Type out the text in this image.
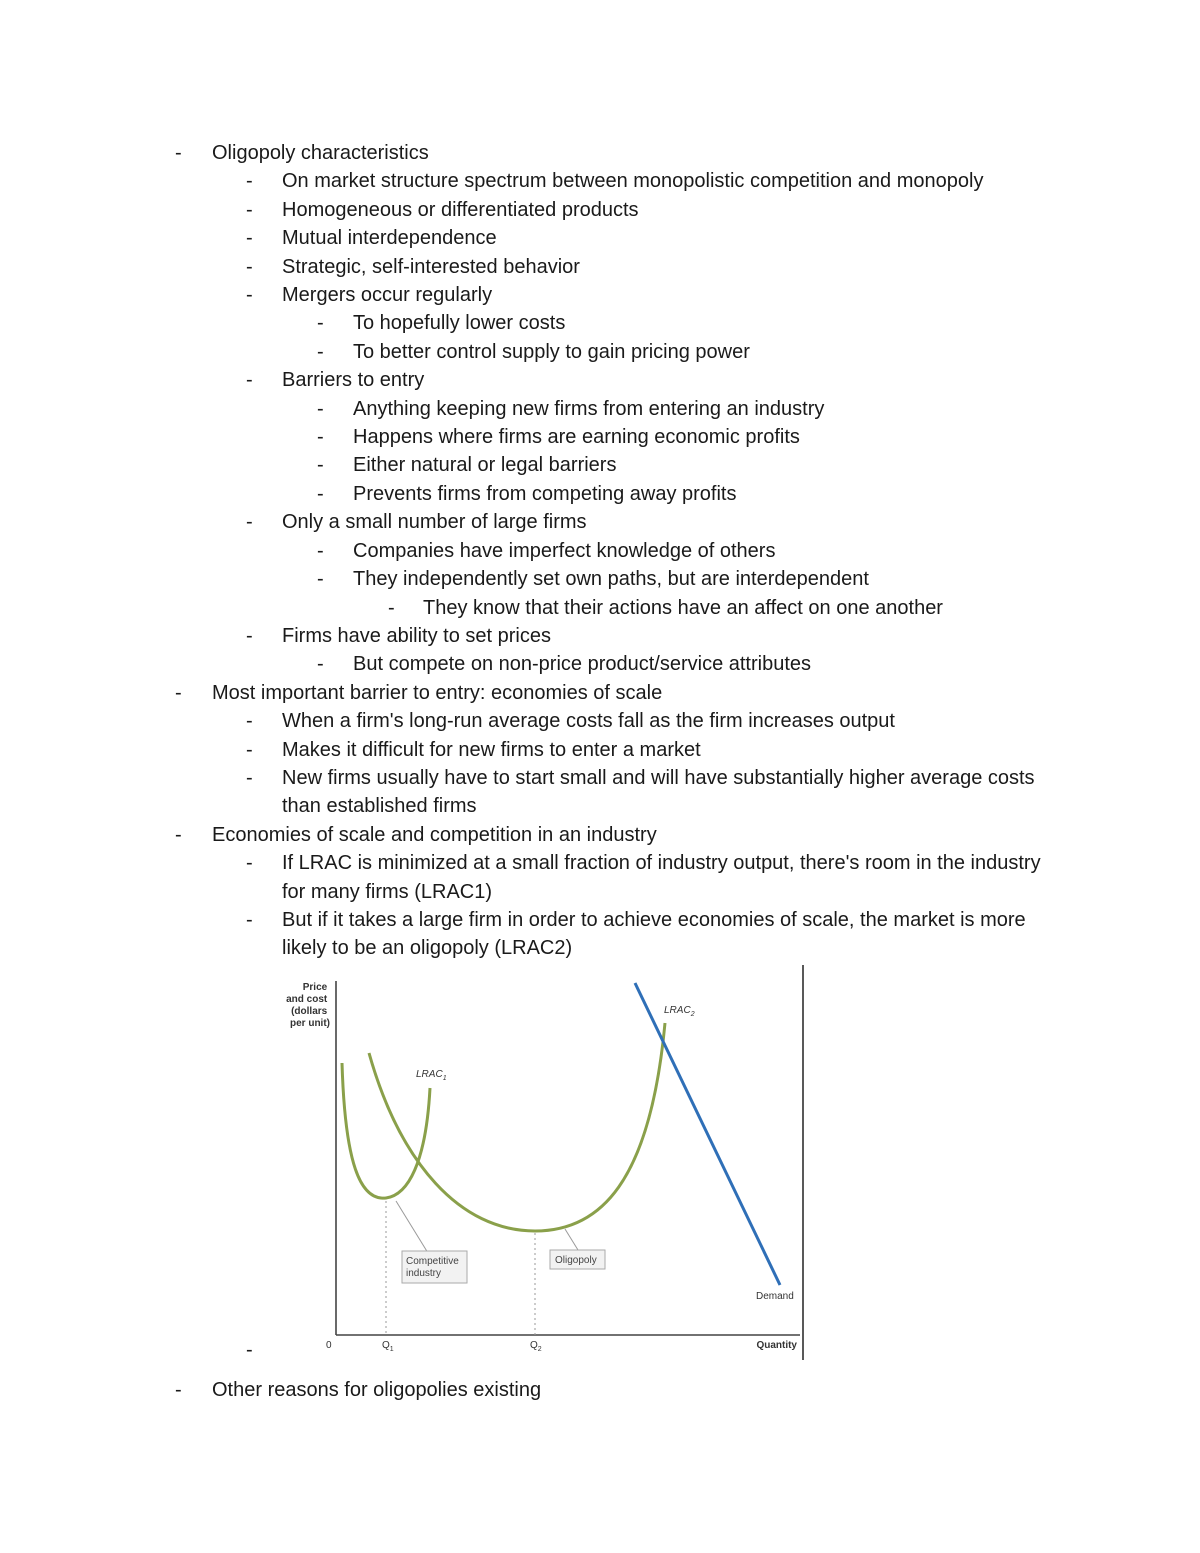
- Oligopoly characteristics
- On market structure spectrum between monopolistic competition and monopoly
- Homogeneous or differentiated products
- Mutual interdependence
- Strategic, self-interested behavior
- Mergers occur regularly
- To hopefully lower costs
- To better control supply to gain pricing power
- Barriers to entry
- Anything keeping new firms from entering an industry
- Happens where firms are earning economic profits
- Either natural or legal barriers
- Prevents firms from competing away profits
- Only a small number of large firms
- Companies have imperfect knowledge of others
- They independently set own paths, but are interdependent
- They know that their actions have an affect on one another
- Firms have ability to set prices
- But compete on non-price product/service attributes
- Most important barrier to entry: economies of scale
- When a firm's long-run average costs fall as the firm increases output
- Makes it difficult for new firms to enter a market
- New firms usually have to start small and will have substantially higher average costs than established firms
- Economies of scale and competition in an industry
- If LRAC is minimized at a small fraction of industry output, there's room in the industry for many firms (LRAC1)
- But if it takes a large firm in order to achieve economies of scale, the market is more likely to be an oligopoly (LRAC2)
Price and cost (dollars per unit)
0	Quantity
$Q_1$	$Q_2$
$LRAC_1$
$LRAC_2$
Demand
Competitive industry
Oligopoly
-
- Other reasons for oligopolies existing
